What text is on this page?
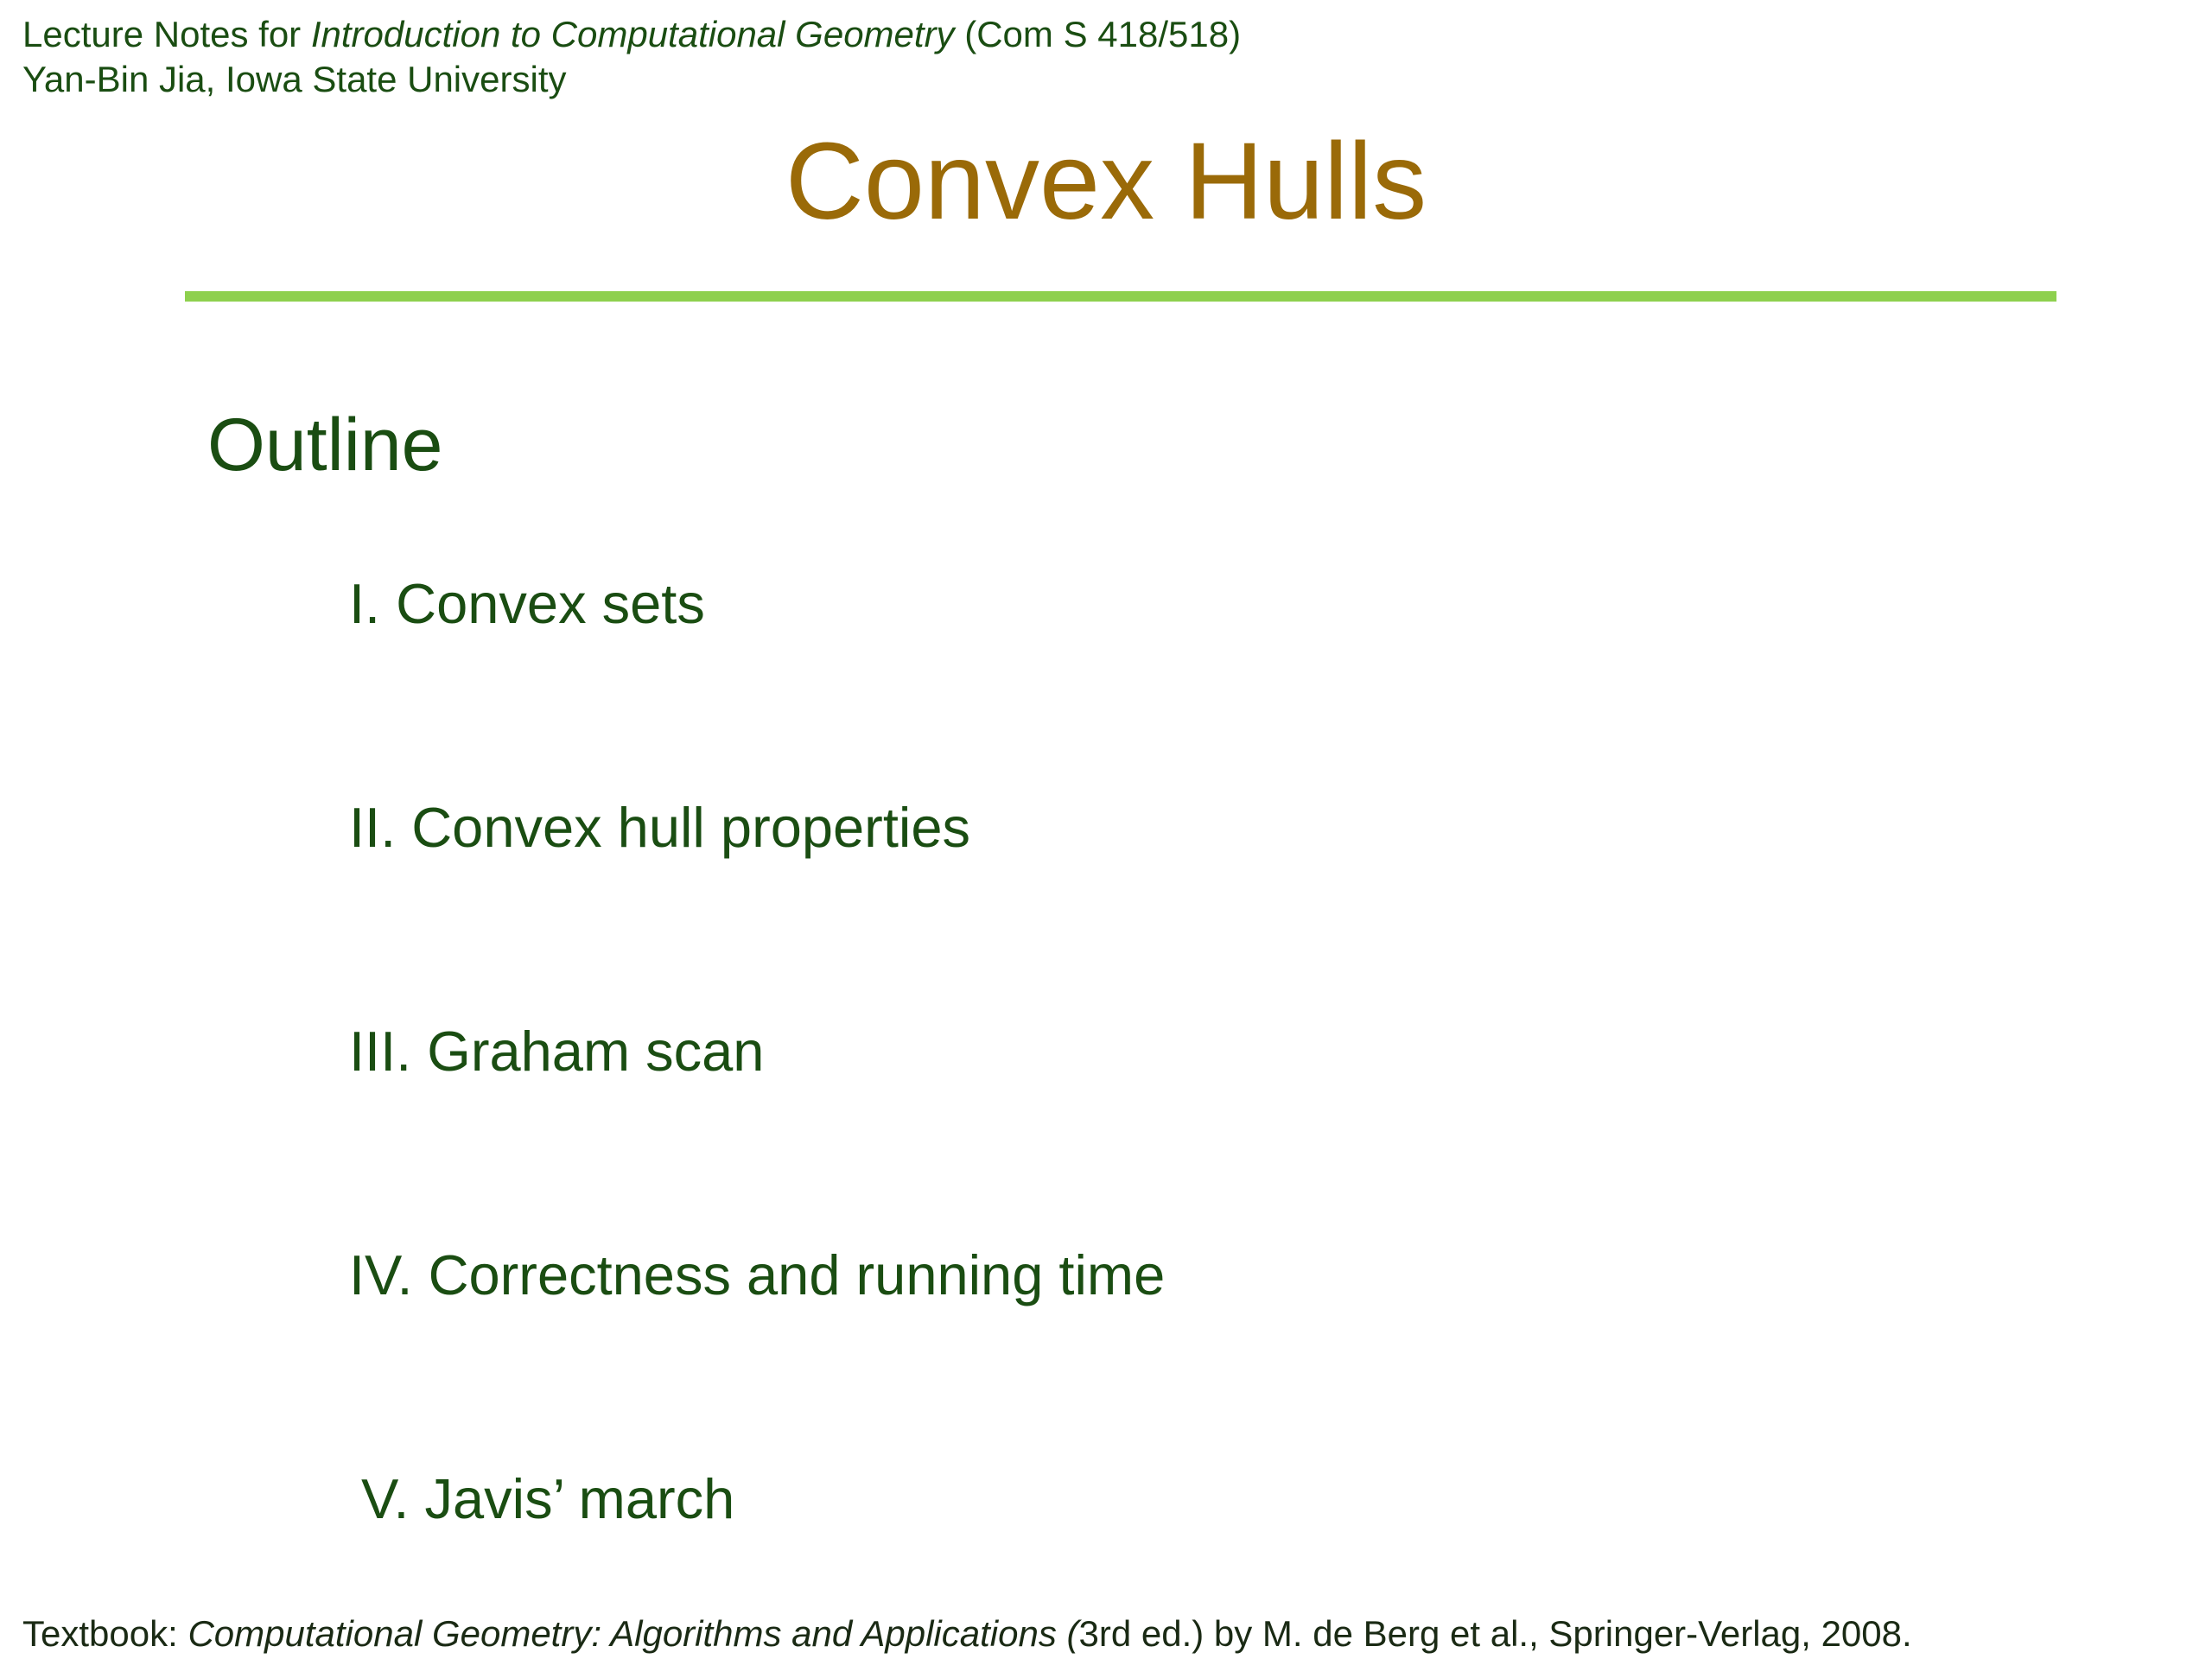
Lecture Notes for Introduction to Computational Geometry (Com S 418/518)
Yan-Bin Jia, Iowa State University
Convex Hulls
Outline
I. Convex sets
II. Convex hull properties
III. Graham scan
IV. Correctness and running time
V. Javis’ march
Textbook: Computational Geometry: Algorithms and Applications (3rd ed.) by M. de Berg et al., Springer-Verlag, 2008.
